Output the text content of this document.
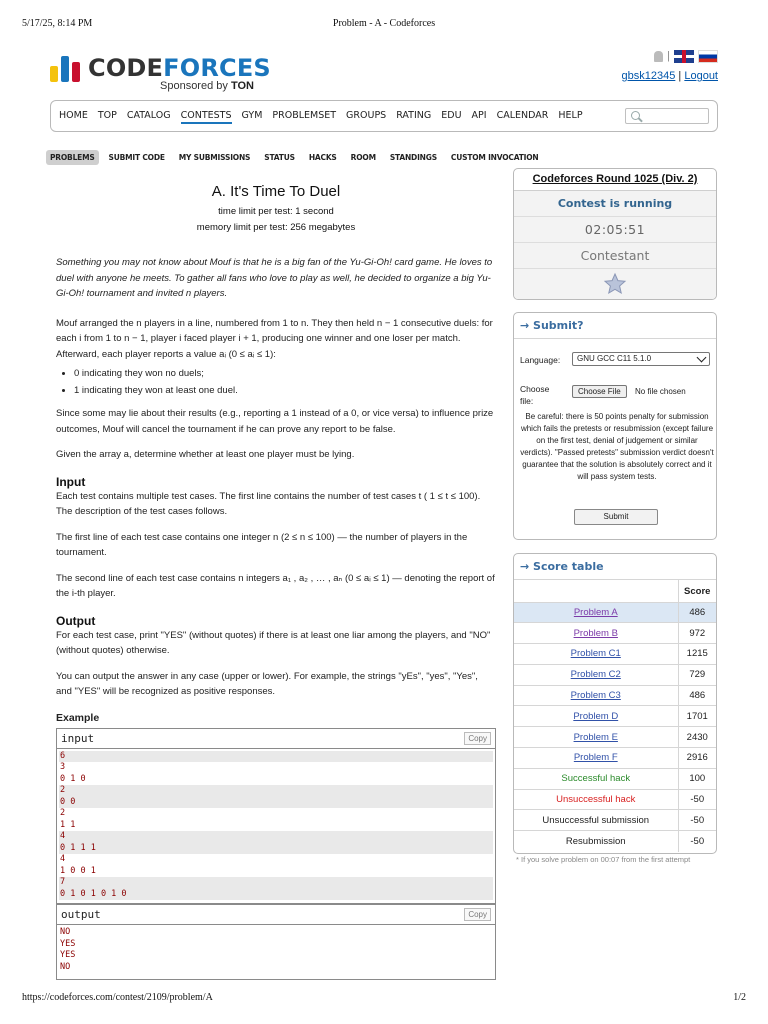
5/17/25, 8:14 PM	Problem - A - Codeforces
CODEFORCES
Sponsored by TON
|
gbsk12345 | Logout
HOME TOP CATALOG CONTESTS GYM PROBLEMSET GROUPS RATING EDU API CALENDAR HELP
PROBLEMS	SUBMIT CODE	MY SUBMISSIONS	STATUS	HACKS	ROOM	STANDINGS	CUSTOM INVOCATION
A. It's Time To Duel
time limit per test: 1 second
memory limit per test: 256 megabytes
Something you may not know about Mouf is that he is a big fan of the Yu-Gi-Oh! card game. He loves to duel with anyone he meets. To gather all fans who love to play as well, he decided to organize a big Yu-Gi-Oh! tournament and invited n players.
Mouf arranged the n players in a line, numbered from 1 to n. They then held n − 1 consecutive duels: for each i from 1 to n − 1, player i faced player i + 1, producing one winner and one loser per match. Afterward, each player reports a value aᵢ (0 ≤ aᵢ ≤ 1):
• 0 indicating they won no duels;
• 1 indicating they won at least one duel.
Since some may lie about their results (e.g., reporting a 1 instead of a 0, or vice versa) to influence prize outcomes, Mouf will cancel the tournament if he can prove any report to be false.
Given the array a, determine whether at least one player must be lying.
Input
Each test contains multiple test cases. The first line contains the number of test cases t ( 1 ≤ t ≤ 100). The description of the test cases follows.
The first line of each test case contains one integer n (2 ≤ n ≤ 100) — the number of players in the tournament.
The second line of each test case contains n integers a₁ , a₂ , … , aₙ (0 ≤ aᵢ ≤ 1) — denoting the report of the i-th player.
Output
For each test case, print "YES" (without quotes) if there is at least one liar among the players, and "NO" (without quotes) otherwise.
You can output the answer in any case (upper or lower). For example, the strings "yEs", "yes", "Yes", and "YES" will be recognized as positive responses.
Example
input	Copy
6
3
0 1 0
2
0 0
2
1 1
4
0 1 1 1
4
1 0 0 1
7
0 1 0 1 0 1 0
output	Copy
NO
YES
YES
NO
Codeforces Round 1025 (Div. 2)
Contest is running
02:05:51
Contestant
→ Submit?
Language:	GNU GCC C11 5.1.0
Choose file:
Choose File	No file chosen
Be careful: there is 50 points penalty for submission which fails the pretests or resubmission (except failure on the first test, denial of judgement or similar verdicts). "Passed pretests" submission verdict doesn't guarantee that the solution is absolutely correct and it will pass system tests.
Submit
→ Score table
	Score
Problem A	486
Problem B	972
Problem C1	1215
Problem C2	729
Problem C3	486
Problem D	1701
Problem E	2430
Problem F	2916
Successful hack	100
Unsuccessful hack	-50
Unsuccessful submission	-50
Resubmission	-50
* If you solve problem on 00:07 from the first attempt
https://codeforces.com/contest/2109/problem/A	1/2
